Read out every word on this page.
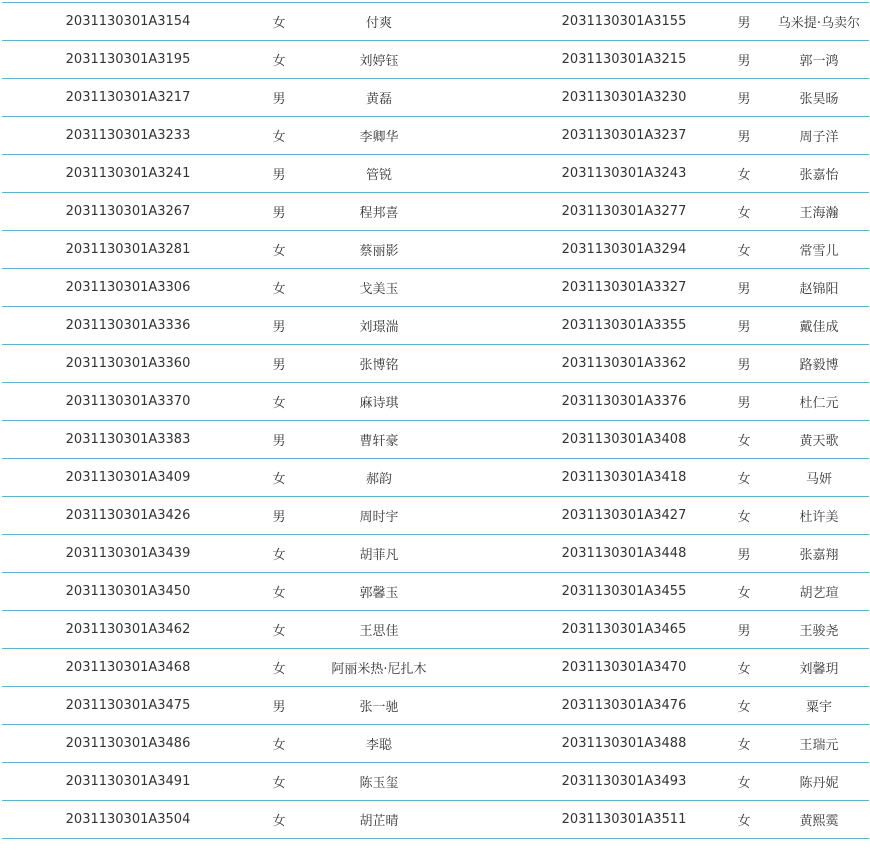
2031130301A3154	女	付爽		2031130301A3155	男	乌米提·乌卖尔
2031130301A3195	女	刘婷钰		2031130301A3215	男	郭一鸿
2031130301A3217	男	黄磊		2031130301A3230	男	张昊旸
2031130301A3233	女	李卿华		2031130301A3237	男	周子洋
2031130301A3241	男	管锐		2031130301A3243	女	张嘉怡
2031130301A3267	男	程邦喜		2031130301A3277	女	王海瀚
2031130301A3281	女	蔡丽影		2031130301A3294	女	常雪儿
2031130301A3306	女	戈美玉		2031130301A3327	男	赵锦阳
2031130301A3336	男	刘璟湍		2031130301A3355	男	戴佳成
2031130301A3360	男	张博铭		2031130301A3362	男	路毅博
2031130301A3370	女	麻诗琪		2031130301A3376	男	杜仁元
2031130301A3383	男	曹轩豪		2031130301A3408	女	黄天歌
2031130301A3409	女	郝韵		2031130301A3418	女	马妍
2031130301A3426	男	周时宇		2031130301A3427	女	杜许美
2031130301A3439	女	胡菲凡		2031130301A3448	男	张嘉翔
2031130301A3450	女	郭馨玉		2031130301A3455	女	胡艺瑄
2031130301A3462	女	王思佳		2031130301A3465	男	王骏尧
2031130301A3468	女	阿丽米热·尼扎木		2031130301A3470	女	刘馨玥
2031130301A3475	男	张一驰		2031130301A3476	女	粟宇
2031130301A3486	女	李聪		2031130301A3488	女	王瑞元
2031130301A3491	女	陈玉玺		2031130301A3493	女	陈丹妮
2031130301A3504	女	胡芷晴		2031130301A3511	女	黄熙霙
